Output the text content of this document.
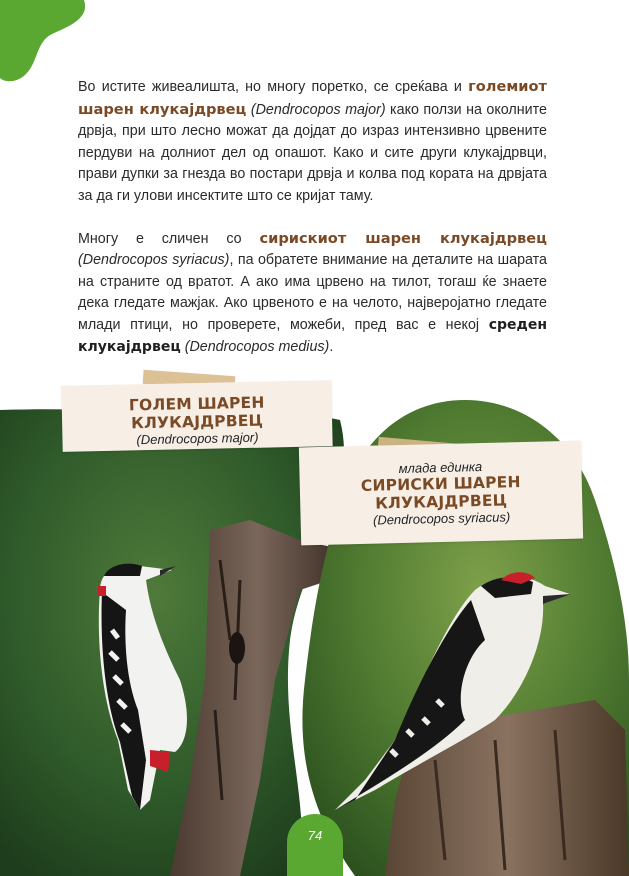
Во истите живеалишта, но многу поретко, се среќава и големиот шарен клукајдрвец (Dendrocopos major) како ползи на околните дрвја, при што лесно можат да дојдат до израз интензивно црвените пердуви на долниот дел од опашот. Како и сите други клукајдрвци, прави дупки за гнезда во постари дрвја и колва под кората на дрвјата за да ги улови инсектите што се кријат таму.

Многу е сличен со сирискиот шарен клукајдрвец (Dendrocopos syriacus), па обратете внимание на деталите на шарата на страните од вратот. А ако има црвено на тилот, тогаш ќе знаете дека гледате мажјак. Ако црвеното е на челото, најверојатно гледате млади птици, но проверете, можеби, пред вас е некој среден клукајдрвец (Dendrocopos medius).

ГОЛЕМ ШАРЕН КЛУКАЈДРВЕЦ
(Dendrocopos major)
млада единка
СИРИСКИ ШАРЕН КЛУКАЈДРВЕЦ
(Dendrocopos syriacus)
74
